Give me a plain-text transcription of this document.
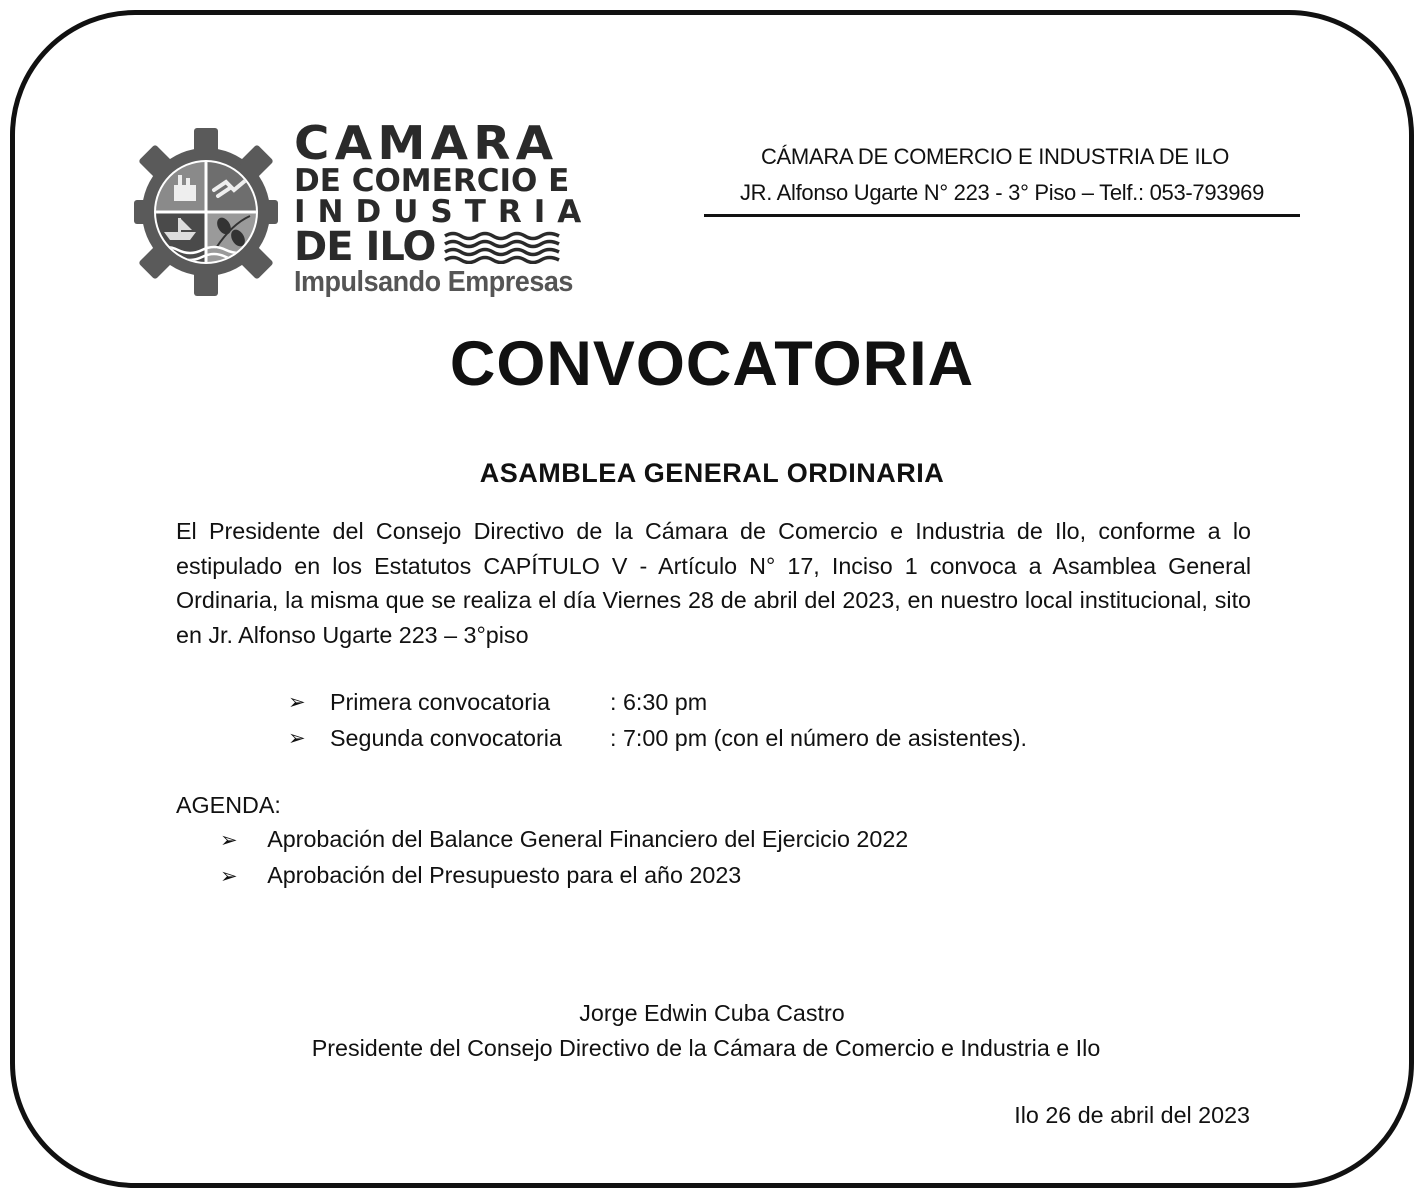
CAMARA
DE COMERCIO E
INDUSTRIA
DE ILO
Impulsando Empresas
CÁMARA DE COMERCIO E INDUSTRIA DE ILO
JR. Alfonso Ugarte N° 223 - 3° Piso – Telf.: 053-793969
CONVOCATORIA
ASAMBLEA GENERAL ORDINARIA

El Presidente del Consejo Directivo de la Cámara de Comercio e Industria de Ilo, conforme a lo estipulado en los Estatutos CAPÍTULO V - Artículo N° 17, Inciso 1 convoca a Asamblea General Ordinaria, la misma que se realiza el día Viernes 28 de abril del 2023, en nuestro local institucional, sito en Jr. Alfonso Ugarte 223 – 3°piso

➢	Primera convocatoria	: 6:30 pm
➢	Segunda convocatoria	: 7:00 pm (con el número de asistentes).
AGENDA:
➢ Aprobación del Balance General Financiero del Ejercicio 2022
➢ Aprobación del Presupuesto para el año 2023
Jorge Edwin Cuba Castro
Presidente del Consejo Directivo de la Cámara de Comercio e Industria e Ilo
Ilo 26 de abril del 2023
